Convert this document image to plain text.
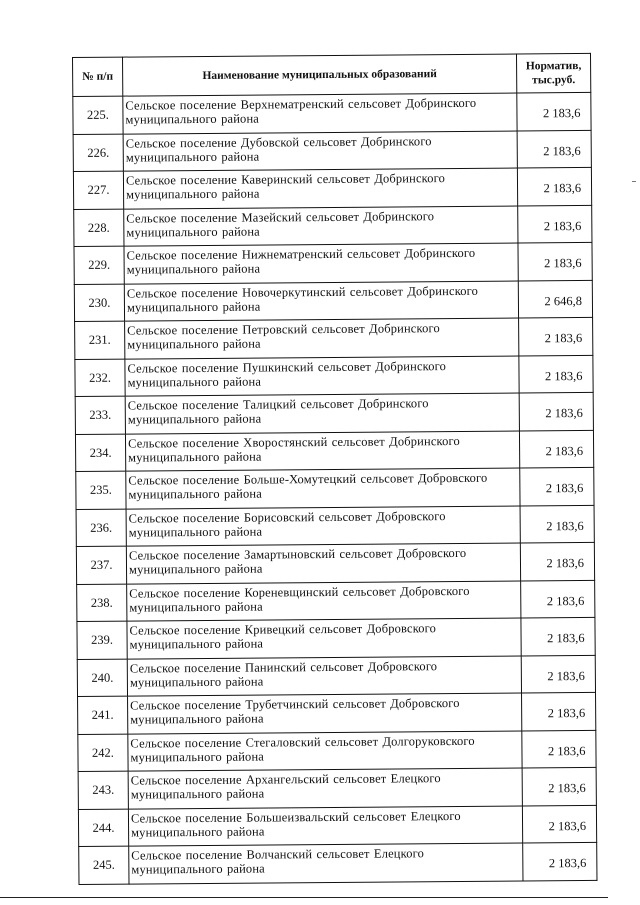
№ п/п	Наименование муниципальных образований	Норматив,
тыс.руб.
225.	Сельское поселение Верхнематренский сельсовет Добринского муниципального района	2 183,6
226.	Сельское поселение Дубовской сельсовет Добринского муниципального района	2 183,6
227.	Сельское поселение Каверинский сельсовет Добринского муниципального района	2 183,6
228.	Сельское поселение Мазейский сельсовет Добринского муниципального района	2 183,6
229.	Сельское поселение Нижнематренский сельсовет Добринского муниципального района	2 183,6
230.	Сельское поселение Новочеркутинский сельсовет Добринского муниципального района	2 646,8
231.	Сельское поселение Петровский сельсовет Добринского муниципального района	2 183,6
232.	Сельское поселение Пушкинский сельсовет Добринского муниципального района	2 183,6
233.	Сельское поселение Талицкий сельсовет Добринского муниципального района	2 183,6
234.	Сельское поселение Хворостянский сельсовет Добринского муниципального района	2 183,6
235.	Сельское поселение Больше-Хомутецкий сельсовет Добровского муниципального района	2 183,6
236.	Сельское поселение Борисовский сельсовет Добровского муниципального района	2 183,6
237.	Сельское поселение Замартыновский сельсовет Добровского муниципального района	2 183,6
238.	Сельское поселение Кореневщинский сельсовет Добровского муниципального района	2 183,6
239.	Сельское поселение Кривецкий сельсовет Добровского муниципального района	2 183,6
240.	Сельское поселение Панинский сельсовет Добровского муниципального района	2 183,6
241.	Сельское поселение Трубетчинский сельсовет Добровского муниципального района	2 183,6
242.	Сельское поселение Стегаловский сельсовет Долгоруковского муниципального района	2 183,6
243.	Сельское поселение Архангельский сельсовет Елецкого муниципального района	2 183,6
244.	Сельское поселение Большеизвальский сельсовет Елецкого муниципального района	2 183,6
245.	Сельское поселение Волчанский сельсовет Елецкого муниципального района	2 183,6
